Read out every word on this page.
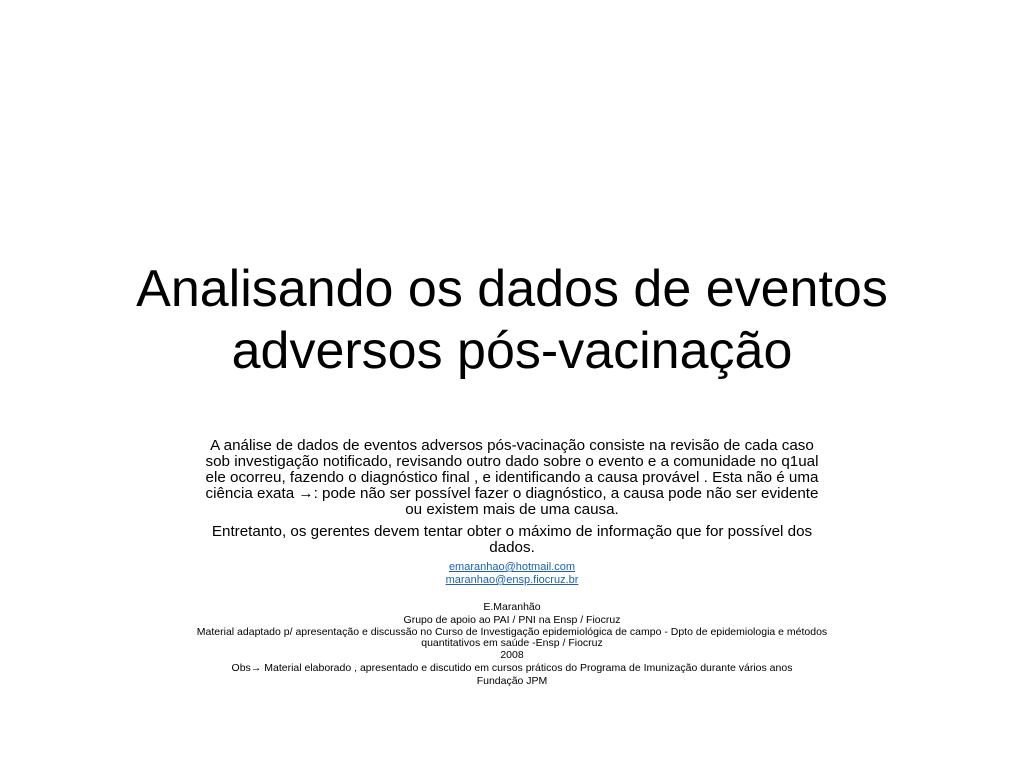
Analisando os dados de eventos
adversos pós-vacinação

A análise de dados de eventos adversos pós-vacinação consiste na revisão de cada caso
sob investigação notificado, revisando outro dado sobre o evento e a comunidade no q1ual
ele ocorreu, fazendo o diagnóstico final , e identificando a causa provável . Esta não é uma
ciência exata →: pode não ser possível fazer o diagnóstico, a causa pode não ser evidente
ou existem mais de uma causa.

Entretanto, os gerentes devem tentar obter o máximo de informação que for possível dos
dados.

emaranhao@hotmail.com
maranhao@ensp.fiocruz.br
E.Maranhão
Grupo de apoio ao PAI / PNI na Ensp / Fiocruz
Material adaptado p/ apresentação e discussão no Curso de Investigação epidemiológica de campo - Dpto de epidemiologia e métodos
quantitativos em saúde -Ensp / Fiocruz
2008
Obs→ Material elaborado , apresentado e discutido em cursos práticos do Programa de Imunização durante vários anos
Fundação JPM
